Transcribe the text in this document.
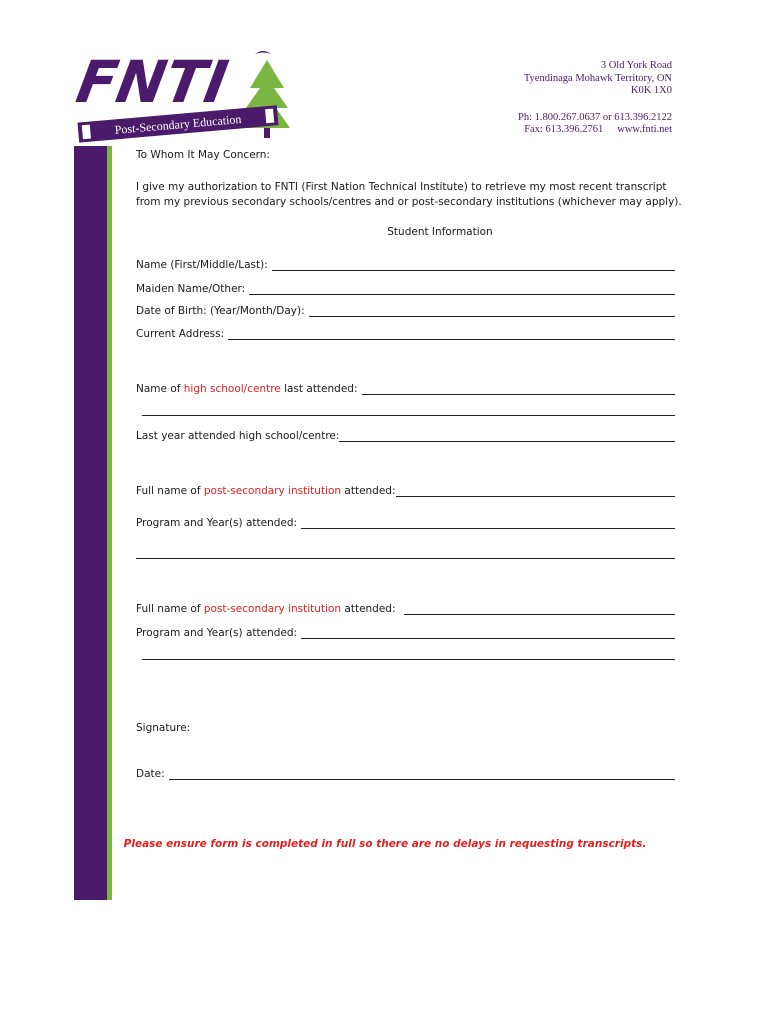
FNTI
Post-Secondary Education
3 Old York Road
Tyendinaga Mohawk Territory, ON
K0K 1X0
Ph: 1.800.267.0637 or 613.396.2122
Fax: 613.396.2761 www.fnti.net
To Whom It May Concern:
I give my authorization to FNTI (First Nation Technical Institute) to retrieve my most recent transcript
from my previous secondary schools/centres and or post-secondary institutions (whichever may apply).
Student Information
Name (First/Middle/Last):
Maiden Name/Other:
Date of Birth: (Year/Month/Day):
Current Address:
Name of high school/centre last attended:
Last year attended high school/centre:
Full name of post-secondary institution attended:
Program and Year(s) attended:
Full name of post-secondary institution attended:
Program and Year(s) attended:
Signature:
Date:
Please ensure form is completed in full so there are no delays in requesting transcripts.
